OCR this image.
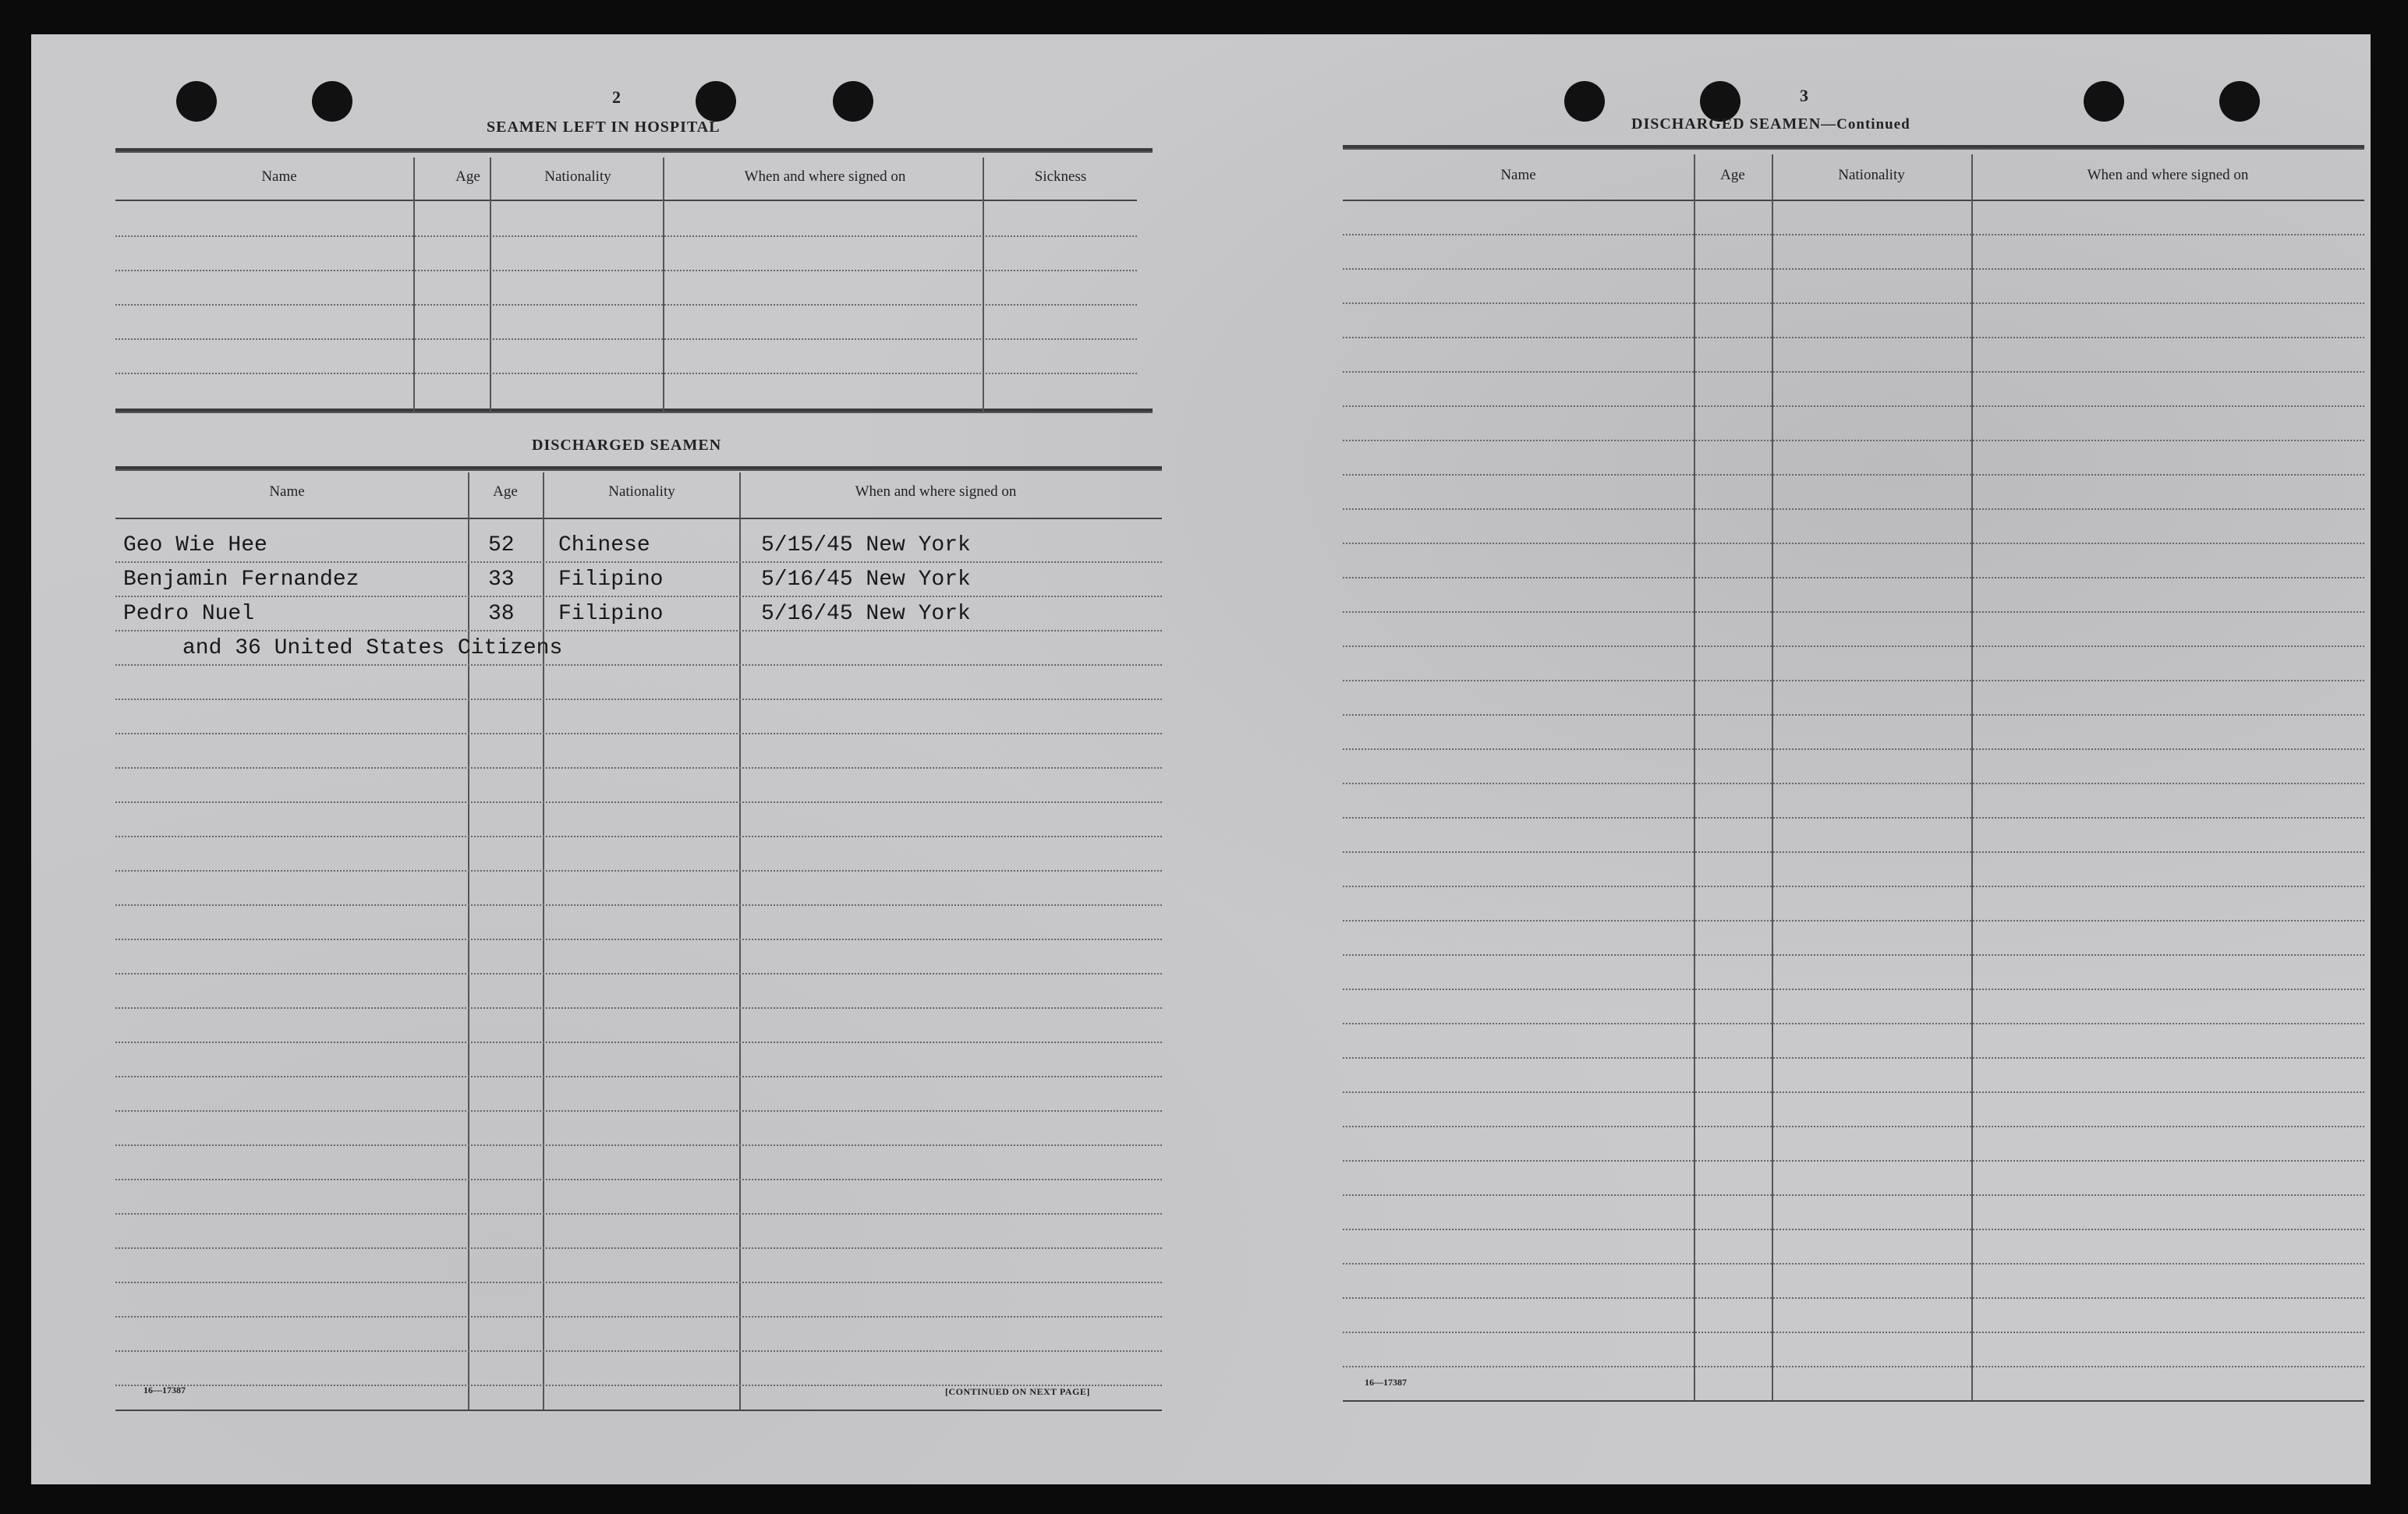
2
SEAMEN LEFT IN HOSPITAL
Name	Age	Nationality	When and where signed on	Sickness
DISCHARGED SEAMEN
Name	Age	Nationality	When and where signed on
Geo Wie Hee	52 Chinese	5/15/45 New York
Benjamin Fernandez	33 Filipino	5/16/45 New York
Pedro Nuel	38 Filipino	5/16/45 New York
and 36 United States Citizens
16—17387	[CONTINUED ON NEXT PAGE]
3
DISCHARGED SEAMEN—Continued
Name	Age	Nationality	When and where signed on
16—17387
